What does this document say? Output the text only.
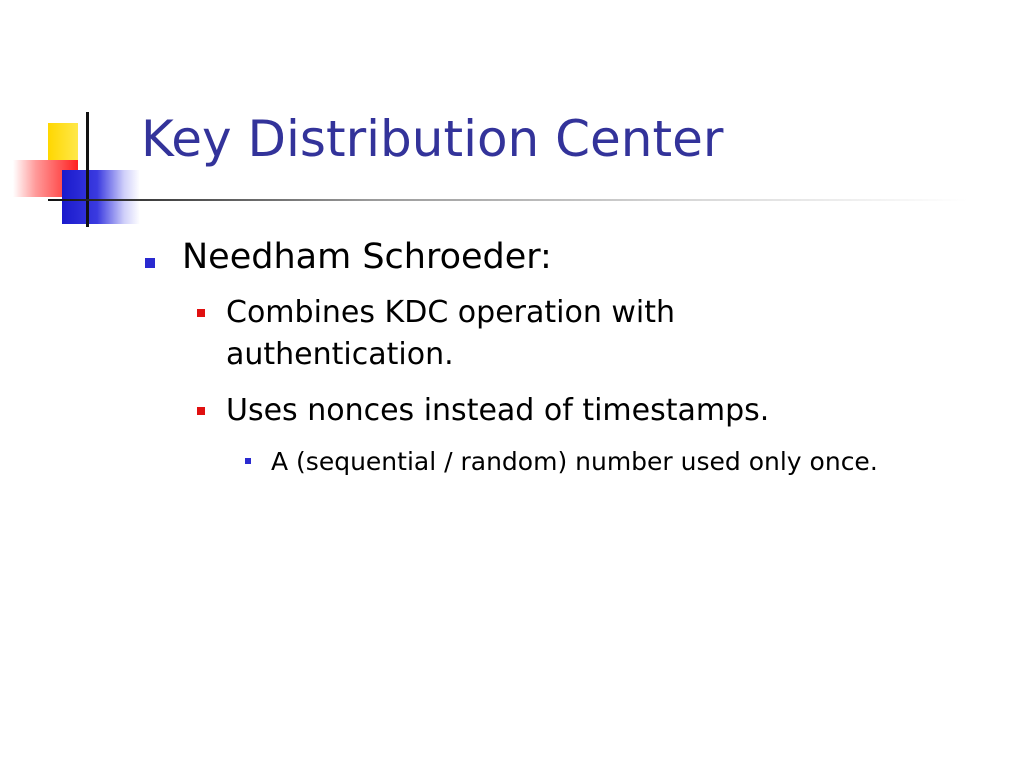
Key Distribution Center
Needham Schroeder:
Combines KDC operation with authentication.
Uses nonces instead of timestamps.
A (sequential / random) number used only once.
